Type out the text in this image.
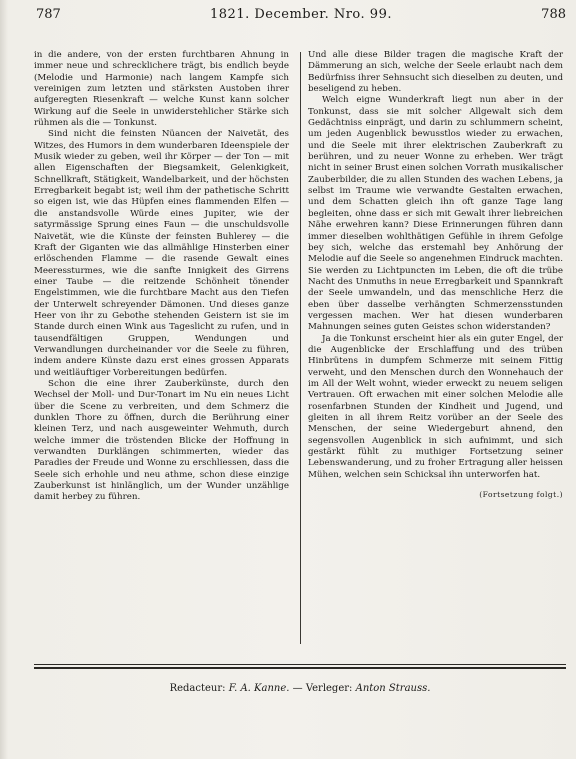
787	1821. December. Nro. 99.	788

in die andere, von der ersten furchtbaren Ahnung in immer neue und schrecklichere trägt, bis endlich beyde (Melodie und Harmonie) nach langem Kampfe sich vereinigen zum letzten und stärksten Austoben ihrer aufgeregten Riesenkraft — welche Kunst kann solcher Wirkung auf die Seele in unwiderstehlicher Stärke sich rühmen als die — Tonkunst.

Sind nicht die feinsten Nüancen der Naivetät, des Witzes, des Humors in dem wunderbaren Ideenspiele der Musik wieder zu geben, weil ihr Körper — der Ton — mit allen Eigenschaften der Biegsamkeit, Gelenkigkeit, Schnellkraft, Stätigkeit, Wandelbarkeit, und der höchsten Erregbarkeit begabt ist; weil ihm der pathetische Schritt so eigen ist, wie das Hüpfen eines flammenden Elfen — die anstandsvolle Würde eines Jupiter, wie der satyrmässige Sprung eines Faun — die unschuldsvolle Naivetät, wie die Künste der feinsten Buhlerey — die Kraft der Giganten wie das allmählige Hinsterben einer erlöschenden Flamme — die rasende Gewalt eines Meeressturmes, wie die sanfte Innigkeit des Girrens einer Taube — die reitzende Schönheit tönender Engelstimmen, wie die furchtbare Macht aus den Tiefen der Unterwelt schreyender Dämonen. Und dieses ganze Heer von ihr zu Gebothe stehenden Geistern ist sie im Stande durch einen Wink aus Tageslicht zu rufen, und in tausendfältigen Gruppen, Wendungen und Verwandlungen durcheinander vor die Seele zu führen, indem andere Künste dazu erst eines grossen Apparats und weitläuftiger Vorbereitungen bedürfen.

Schon die eine ihrer Zauberkünste, durch den Wechsel der Moll- und Dur-Tonart im Nu ein neues Licht über die Scene zu verbreiten, und dem Schmerz die dunklen Thore zu öffnen, durch die Berührung einer kleinen Terz, und nach ausgeweinter Wehmuth, durch welche immer die tröstenden Blicke der Hoffnung in verwandten Durklängen schimmerten, wieder das Paradies der Freude und Wonne zu erschliessen, dass die Seele sich erhohle und neu athme, schon diese einzige Zauberkunst ist hinlänglich, um der Wunder unzählige damit herbey zu führen.

Und alle diese Bilder tragen die magische Kraft der Dämmerung an sich, welche der Seele erlaubt nach dem Bedürfniss ihrer Sehnsucht sich dieselben zu deuten, und beseligend zu heben.

Welch eigne Wunderkraft liegt nun aber in der Tonkunst, dass sie mit solcher Allgewalt sich dem Gedächtniss einprägt, und darin zu schlummern scheint, um jeden Augenblick bewusstlos wieder zu erwachen, und die Seele mit ihrer elektrischen Zauberkraft zu berühren, und zu neuer Wonne zu erheben. Wer trägt nicht in seiner Brust einen solchen Vorrath musikalischer Zauberbilder, die zu allen Stunden des wachen Lebens, ja selbst im Traume wie verwandte Gestalten erwachen, und dem Schatten gleich ihn oft ganze Tage lang begleiten, ohne dass er sich mit Gewalt ihrer liebreichen Nähe erwehren kann? Diese Erinnerungen führen dann immer dieselben wohlthätigen Gefühle in ihrem Gefolge bey sich, welche das erstemahl bey Anhörung der Melodie auf die Seele so angenehmen Eindruck machten. Sie werden zu Lichtpuncten im Leben, die oft die trübe Nacht des Unmuths in neue Erregbarkeit und Spannkraft der Seele umwandeln, und das menschliche Herz die eben über dasselbe verhängten Schmerzensstunden vergessen machen. Wer hat diesen wunderbaren Mahnungen seines guten Geistes schon widerstanden?

Ja die Tonkunst erscheint hier als ein guter Engel, der die Augenblicke der Erschlaffung und des trüben Hinbrütens in dumpfem Schmerze mit seinem Fittig verweht, und den Menschen durch den Wonnehauch der im All der Welt wohnt, wieder erweckt zu neuem seligen Vertrauen. Oft erwachen mit einer solchen Melodie alle rosenfarbnen Stunden der Kindheit und Jugend, und gleiten in all ihrem Reitz vorüber an der Seele des Menschen, der seine Wiedergeburt ahnend, den segensvollen Augenblick in sich aufnimmt, und sich gestärkt fühlt zu muthiger Fortsetzung seiner Lebenswanderung, und zu froher Ertragung aller heissen Mühen, welchen sein Schicksal ihn unterworfen hat.

(Fortsetzung folgt.)
Redacteur: F. A. Kanne. — Verleger: Anton Strauss.
